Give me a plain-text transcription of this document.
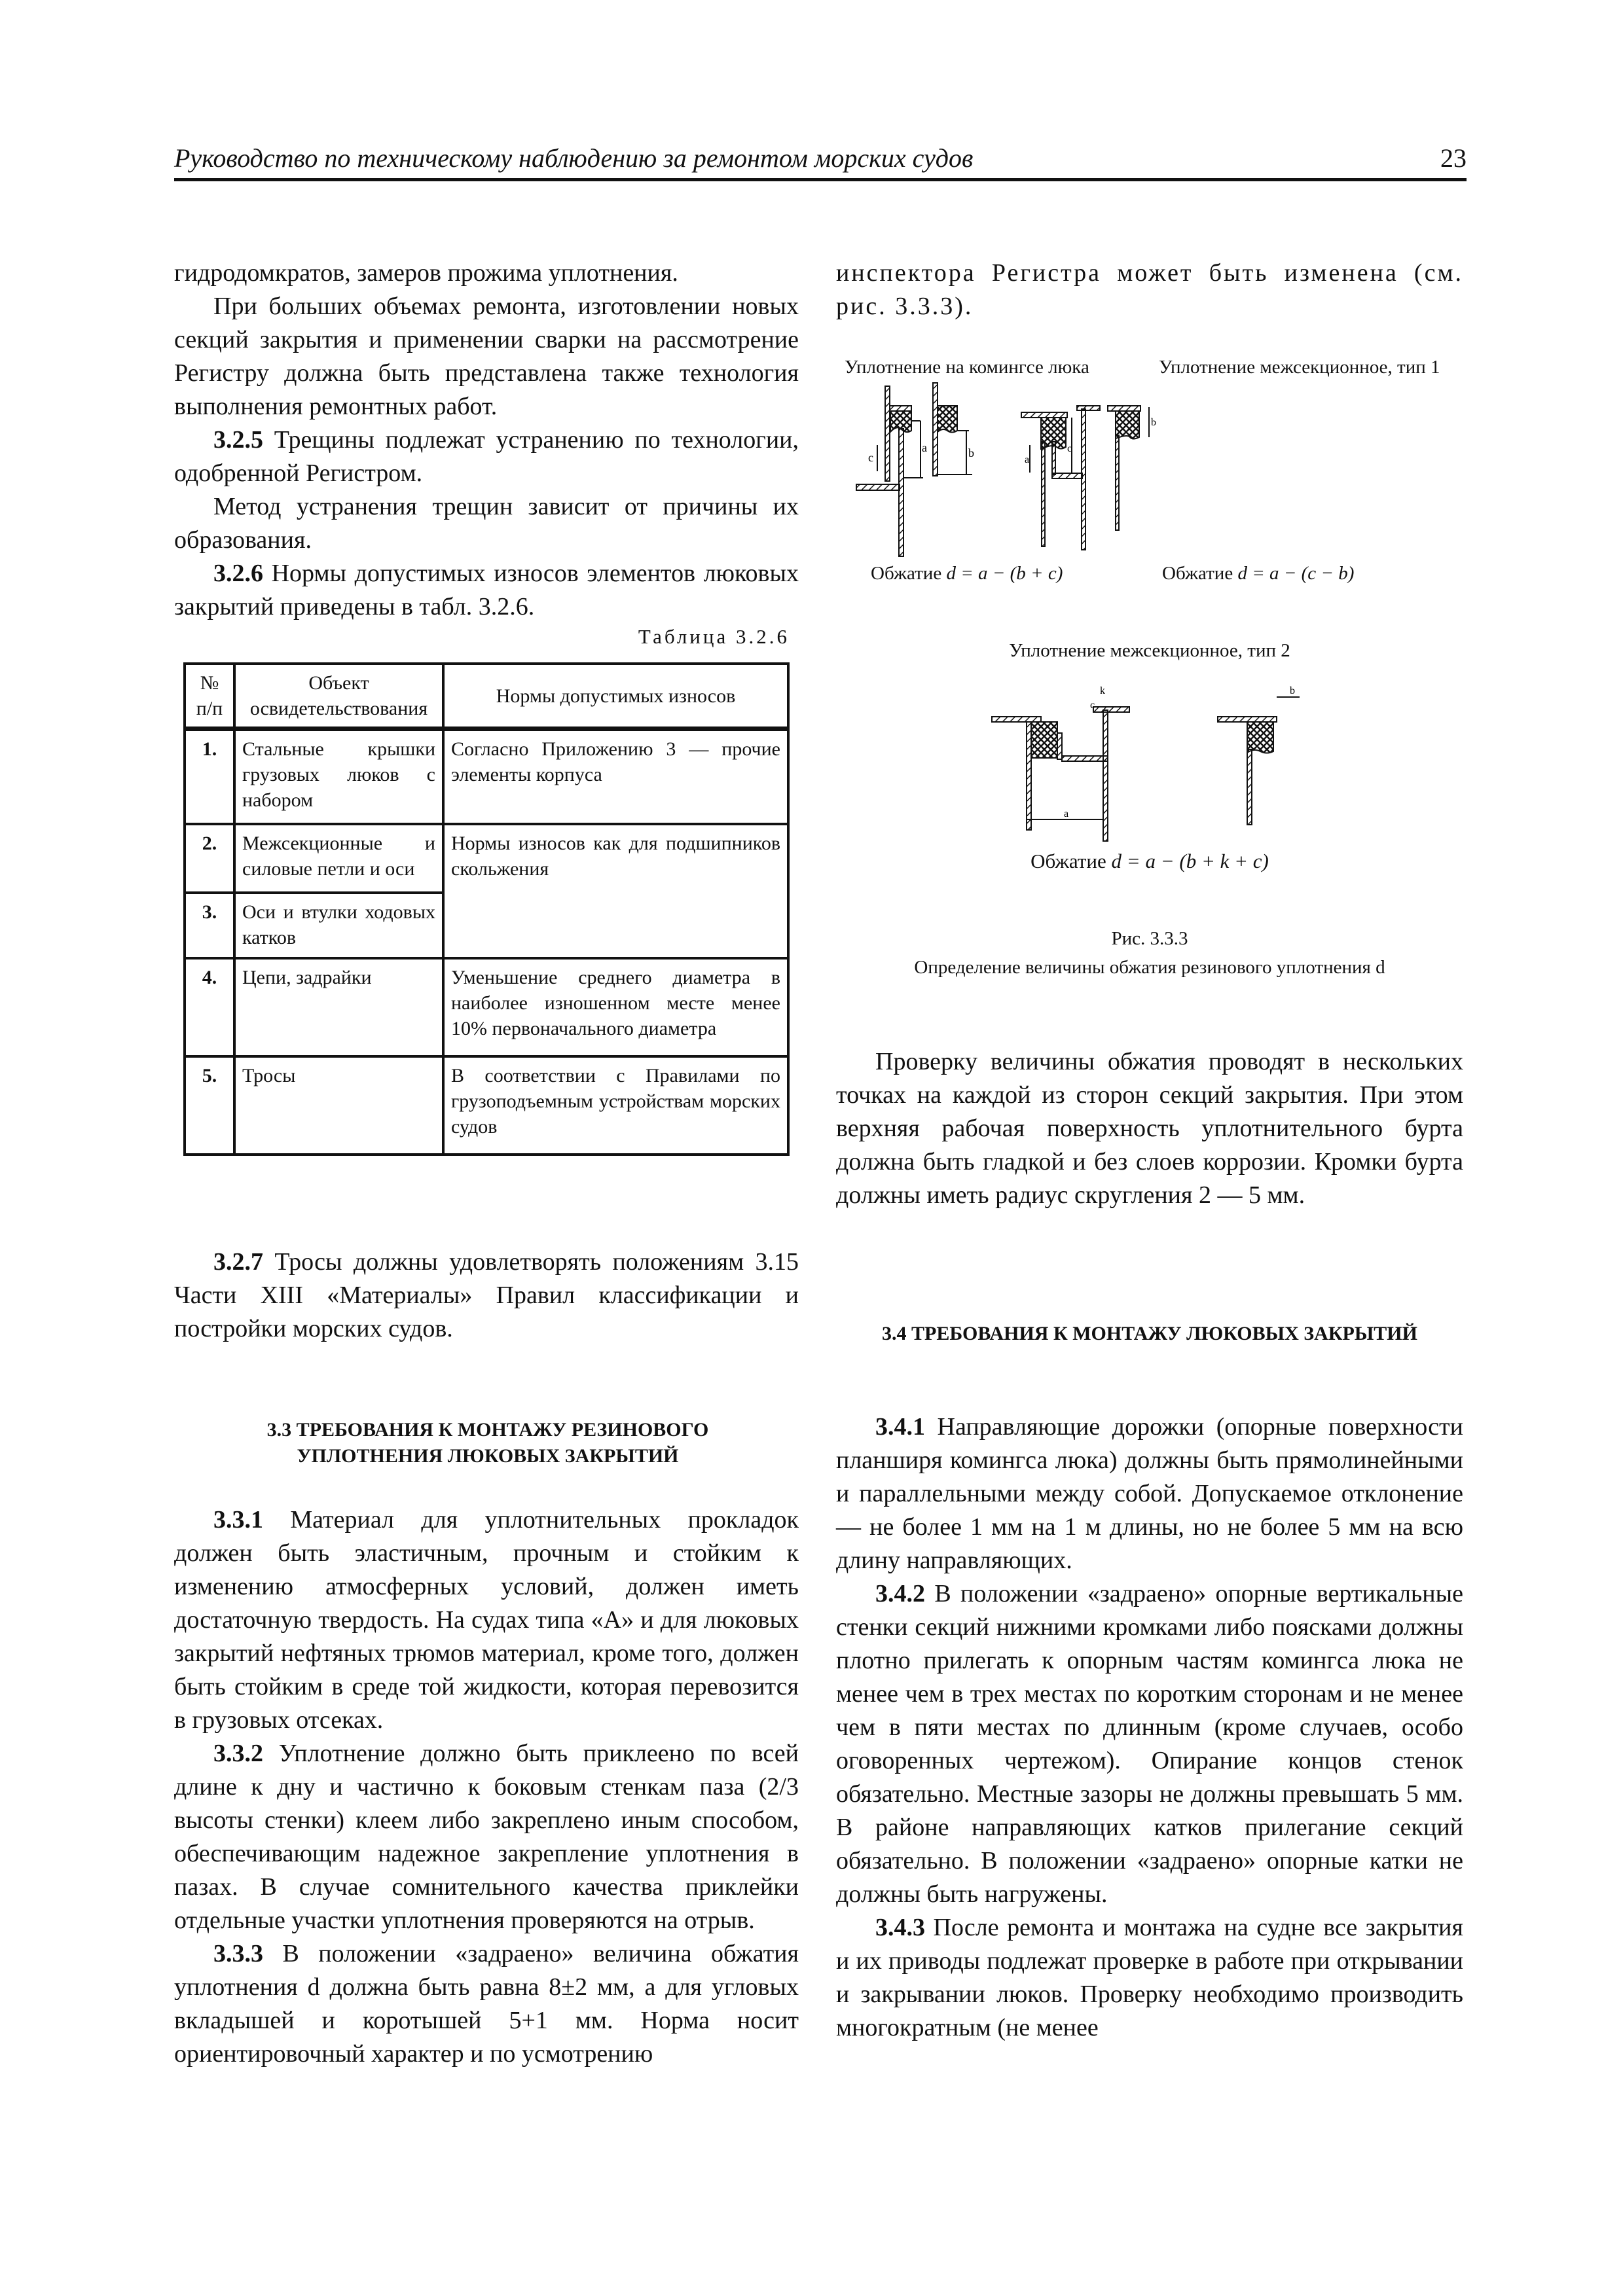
Руководство по техническому наблюдению за ремонтом морских судов	23

гидродомкратов, замеров прожима уплотнения.

При больших объемах ремонта, изготовлении новых секций закрытия и применении сварки на рассмотрение Регистру должна быть представлена также технология выполнения ремонтных работ.

3.2.5 Трещины подлежат устранению по технологии, одобренной Регистром.

Метод устранения трещин зависит от причины их образования.

3.2.6 Нормы допустимых износов элементов люковых закрытий приведены в табл. 3.2.6.

Таблица 3.2.6
№ п/п	Объект освидетельствования	Нормы допустимых износов
1.	Стальные крышки грузовых люков с набором	Согласно Приложению 3 — прочие элементы корпуса
2.	Межсекционные и силовые петли и оси	Нормы износов как для подшипников скольжения
3.	Оси и втулки ходовых катков	
4.	Цепи, задрайки	Уменьшение среднего диаметра в наиболее изношенном месте менее 10% первоначального диаметра
5.	Тросы	В соответствии с Правилами по грузоподъемным устройствам морских судов

3.2.7 Тросы должны удовлетворять положениям 3.15 Части XIII «Материалы» Правил классификации и постройки морских судов.

3.3 ТРЕБОВАНИЯ К МОНТАЖУ РЕЗИНОВОГО УПЛОТНЕНИЯ ЛЮКОВЫХ ЗАКРЫТИЙ

3.3.1 Материал для уплотнительных прокладок должен быть эластичным, прочным и стойким к изменению атмосферных условий, должен иметь достаточную твердость. На судах типа «А» и для люковых закрытий нефтяных трюмов материал, кроме того, должен быть стойким в среде той жидкости, которая перевозится в грузовых отсеках.

3.3.2 Уплотнение должно быть приклеено по всей длине к дну и частично к боковым стенкам паза (2/3 высоты стенки) клеем либо закреплено иным способом, обеспечивающим надежное закрепление уплотнения в пазах. В случае сомнительного качества приклейки отдельные участки уплотнения проверяются на отрыв.

3.3.3 В положении «задраено» величина обжатия уплотнения d должна быть равна 8±2 мм, а для угловых вкладышей и коротышей 5+1 мм. Норма носит ориентировочный характер и по усмотрению

инспектора Регистра может быть изменена (см. рис. 3.3.3).

Уплотнение на комингсе люка	Уплотнение межсекционное, тип 1
c
a	b
a
c
b
Обжатие d = a − (b + c)	Обжатие d = a − (c − b)
Уплотнение межсекционное, тип 2
a
k
c
b
Обжатие d = a − (b + k + c)
Рис. 3.3.3
Определение величины обжатия резинового уплотнения d

Проверку величины обжатия проводят в нескольких точках на каждой из сторон секций закрытия. При этом верхняя рабочая поверхность уплотнительного бурта должна быть гладкой и без слоев коррозии. Кромки бурта должны иметь радиус скругления 2 — 5 мм.

3.4 ТРЕБОВАНИЯ К МОНТАЖУ ЛЮКОВЫХ ЗАКРЫТИЙ

3.4.1 Направляющие дорожки (опорные поверхности планширя комингса люка) должны быть прямолинейными и параллельными между собой. Допускаемое отклонение — не более 1 мм на 1 м длины, но не более 5 мм на всю длину направляющих.

3.4.2 В положении «задраено» опорные вертикальные стенки секций нижними кромками либо поясками должны плотно прилегать к опорным частям комингса люка не менее чем в трех местах по коротким сторонам и не менее чем в пяти местах по длинным (кроме случаев, особо оговоренных чертежом). Опирание концов стенок обязательно. Местные зазоры не должны превышать 5 мм. В районе направляющих катков прилегание секций обязательно. В положении «задраено» опорные катки не должны быть нагружены.

3.4.3 После ремонта и монтажа на судне все закрытия и их приводы подлежат проверке в работе при открывании и закрывании люков. Проверку необходимо производить многократным (не менее
